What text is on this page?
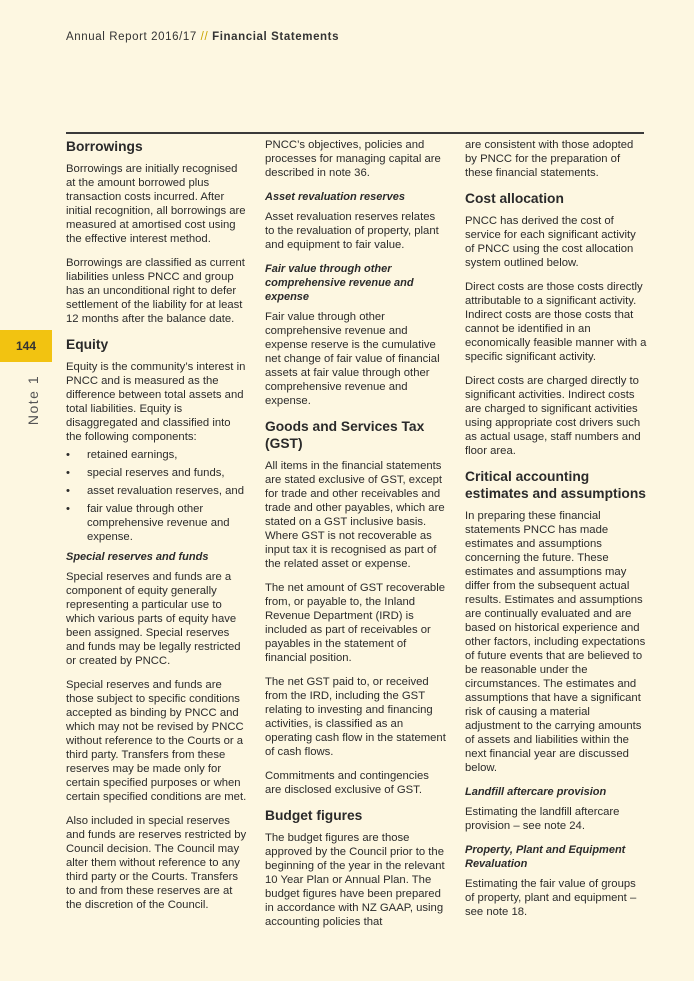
Annual Report 2016/17 // Financial Statements
144
Note 1
Borrowings

Borrowings are initially recognised at the amount borrowed plus transaction costs incurred. After initial recognition, all borrowings are measured at amortised cost using the effective interest method.

Borrowings are classified as current liabilities unless PNCC and group has an unconditional right to defer settlement of the liability for at least 12 months after the balance date.

Equity

Equity is the community’s interest in PNCC and is measured as the difference between total assets and total liabilities. Equity is disaggregated and classified into the following components:

• retained earnings,
• special reserves and funds,
• asset revaluation reserves, and
• fair value through other comprehensive revenue and expense.
Special reserves and funds

Special reserves and funds are a component of equity generally representing a particular use to which various parts of equity have been assigned. Special reserves and funds may be legally restricted or created by PNCC.

Special reserves and funds are those subject to specific conditions accepted as binding by PNCC and which may not be revised by PNCC without reference to the Courts or a third party. Transfers from these reserves may be made only for certain specified purposes or when certain specified conditions are met.

Also included in special reserves and funds are reserves restricted by Council decision. The Council may alter them without reference to any third party or the Courts. Transfers to and from these reserves are at the discretion of the Council.

PNCC’s objectives, policies and processes for managing capital are described in note 36.

Asset revaluation reserves

Asset revaluation reserves relates to the revaluation of property, plant and equipment to fair value.

Fair value through other comprehensive revenue and expense

Fair value through other comprehensive revenue and expense reserve is the cumulative net change of fair value of financial assets at fair value through other comprehensive revenue and expense.

Goods and Services Tax (GST)

All items in the financial statements are stated exclusive of GST, except for trade and other receivables and trade and other payables, which are stated on a GST inclusive basis. Where GST is not recoverable as input tax it is recognised as part of the related asset or expense.

The net amount of GST recoverable from, or payable to, the Inland Revenue Department (IRD) is included as part of receivables or payables in the statement of financial position.

The net GST paid to, or received from the IRD, including the GST relating to investing and financing activities, is classified as an operating cash flow in the statement of cash flows.

Commitments and contingencies are disclosed exclusive of GST.

Budget figures

The budget figures are those approved by the Council prior to the beginning of the year in the relevant 10 Year Plan or Annual Plan. The budget figures have been prepared in accordance with NZ GAAP, using accounting policies that

are consistent with those adopted by PNCC for the preparation of these financial statements.

Cost allocation

PNCC has derived the cost of service for each significant activity of PNCC using the cost allocation system outlined below.

Direct costs are those costs directly attributable to a significant activity. Indirect costs are those costs that cannot be identified in an economically feasible manner with a specific significant activity.

Direct costs are charged directly to significant activities. Indirect costs are charged to significant activities using appropriate cost drivers such as actual usage, staff numbers and floor area.

Critical accounting estimates and assumptions

In preparing these financial statements PNCC has made estimates and assumptions concerning the future. These estimates and assumptions may differ from the subsequent actual results. Estimates and assumptions are continually evaluated and are based on historical experience and other factors, including expectations of future events that are believed to be reasonable under the circumstances. The estimates and assumptions that have a significant risk of causing a material adjustment to the carrying amounts of assets and liabilities within the next financial year are discussed below.

Landfill aftercare provision

Estimating the landfill aftercare provision – see note 24.

Property, Plant and Equipment Revaluation

Estimating the fair value of groups of property, plant and equipment – see note 18.
